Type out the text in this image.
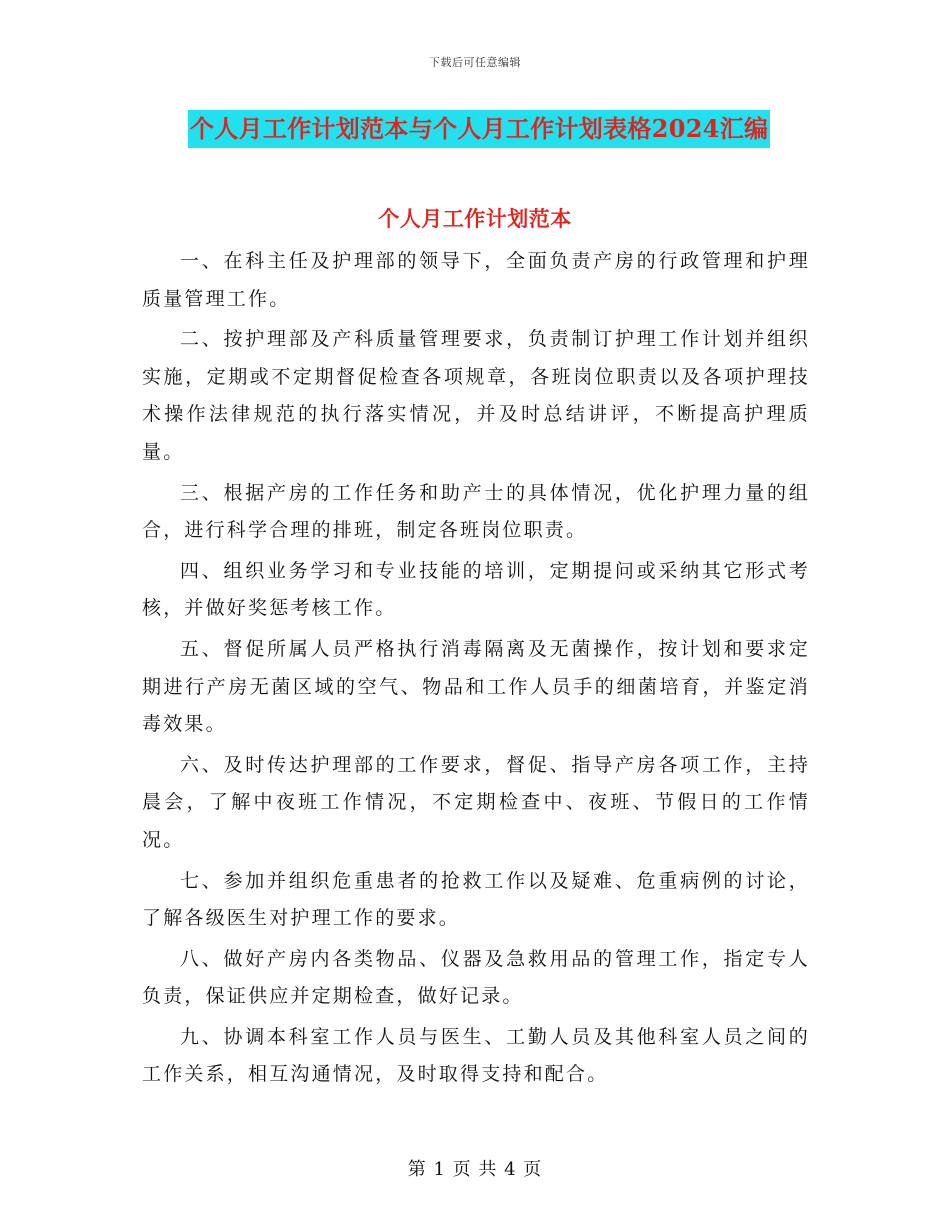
下载后可任意编辑
个人月工作计划范本与个人月工作计划表格2024汇编
个人月工作计划范本

一、在科主任及护理部的领导下，全面负责产房的行政管理和护理质量管理工作。

二、按护理部及产科质量管理要求，负责制订护理工作计划并组织实施，定期或不定期督促检查各项规章，各班岗位职责以及各项护理技术操作法律规范的执行落实情况，并及时总结讲评，不断提高护理质量。

三、根据产房的工作任务和助产士的具体情况，优化护理力量的组合，进行科学合理的排班，制定各班岗位职责。

四、组织业务学习和专业技能的培训，定期提问或采纳其它形式考核，并做好奖惩考核工作。

五、督促所属人员严格执行消毒隔离及无菌操作，按计划和要求定期进行产房无菌区域的空气、物品和工作人员手的细菌培育，并鉴定消毒效果。

六、及时传达护理部的工作要求，督促、指导产房各项工作，主持晨会，了解中夜班工作情况，不定期检查中、夜班、节假日的工作情况。

七、参加并组织危重患者的抢救工作以及疑难、危重病例的讨论，了解各级医生对护理工作的要求。

八、做好产房内各类物品、仪器及急救用品的管理工作，指定专人负责，保证供应并定期检查，做好记录。

九、协调本科室工作人员与医生、工勤人员及其他科室人员之间的工作关系，相互沟通情况，及时取得支持和配合。

第 1 页 共 4 页
